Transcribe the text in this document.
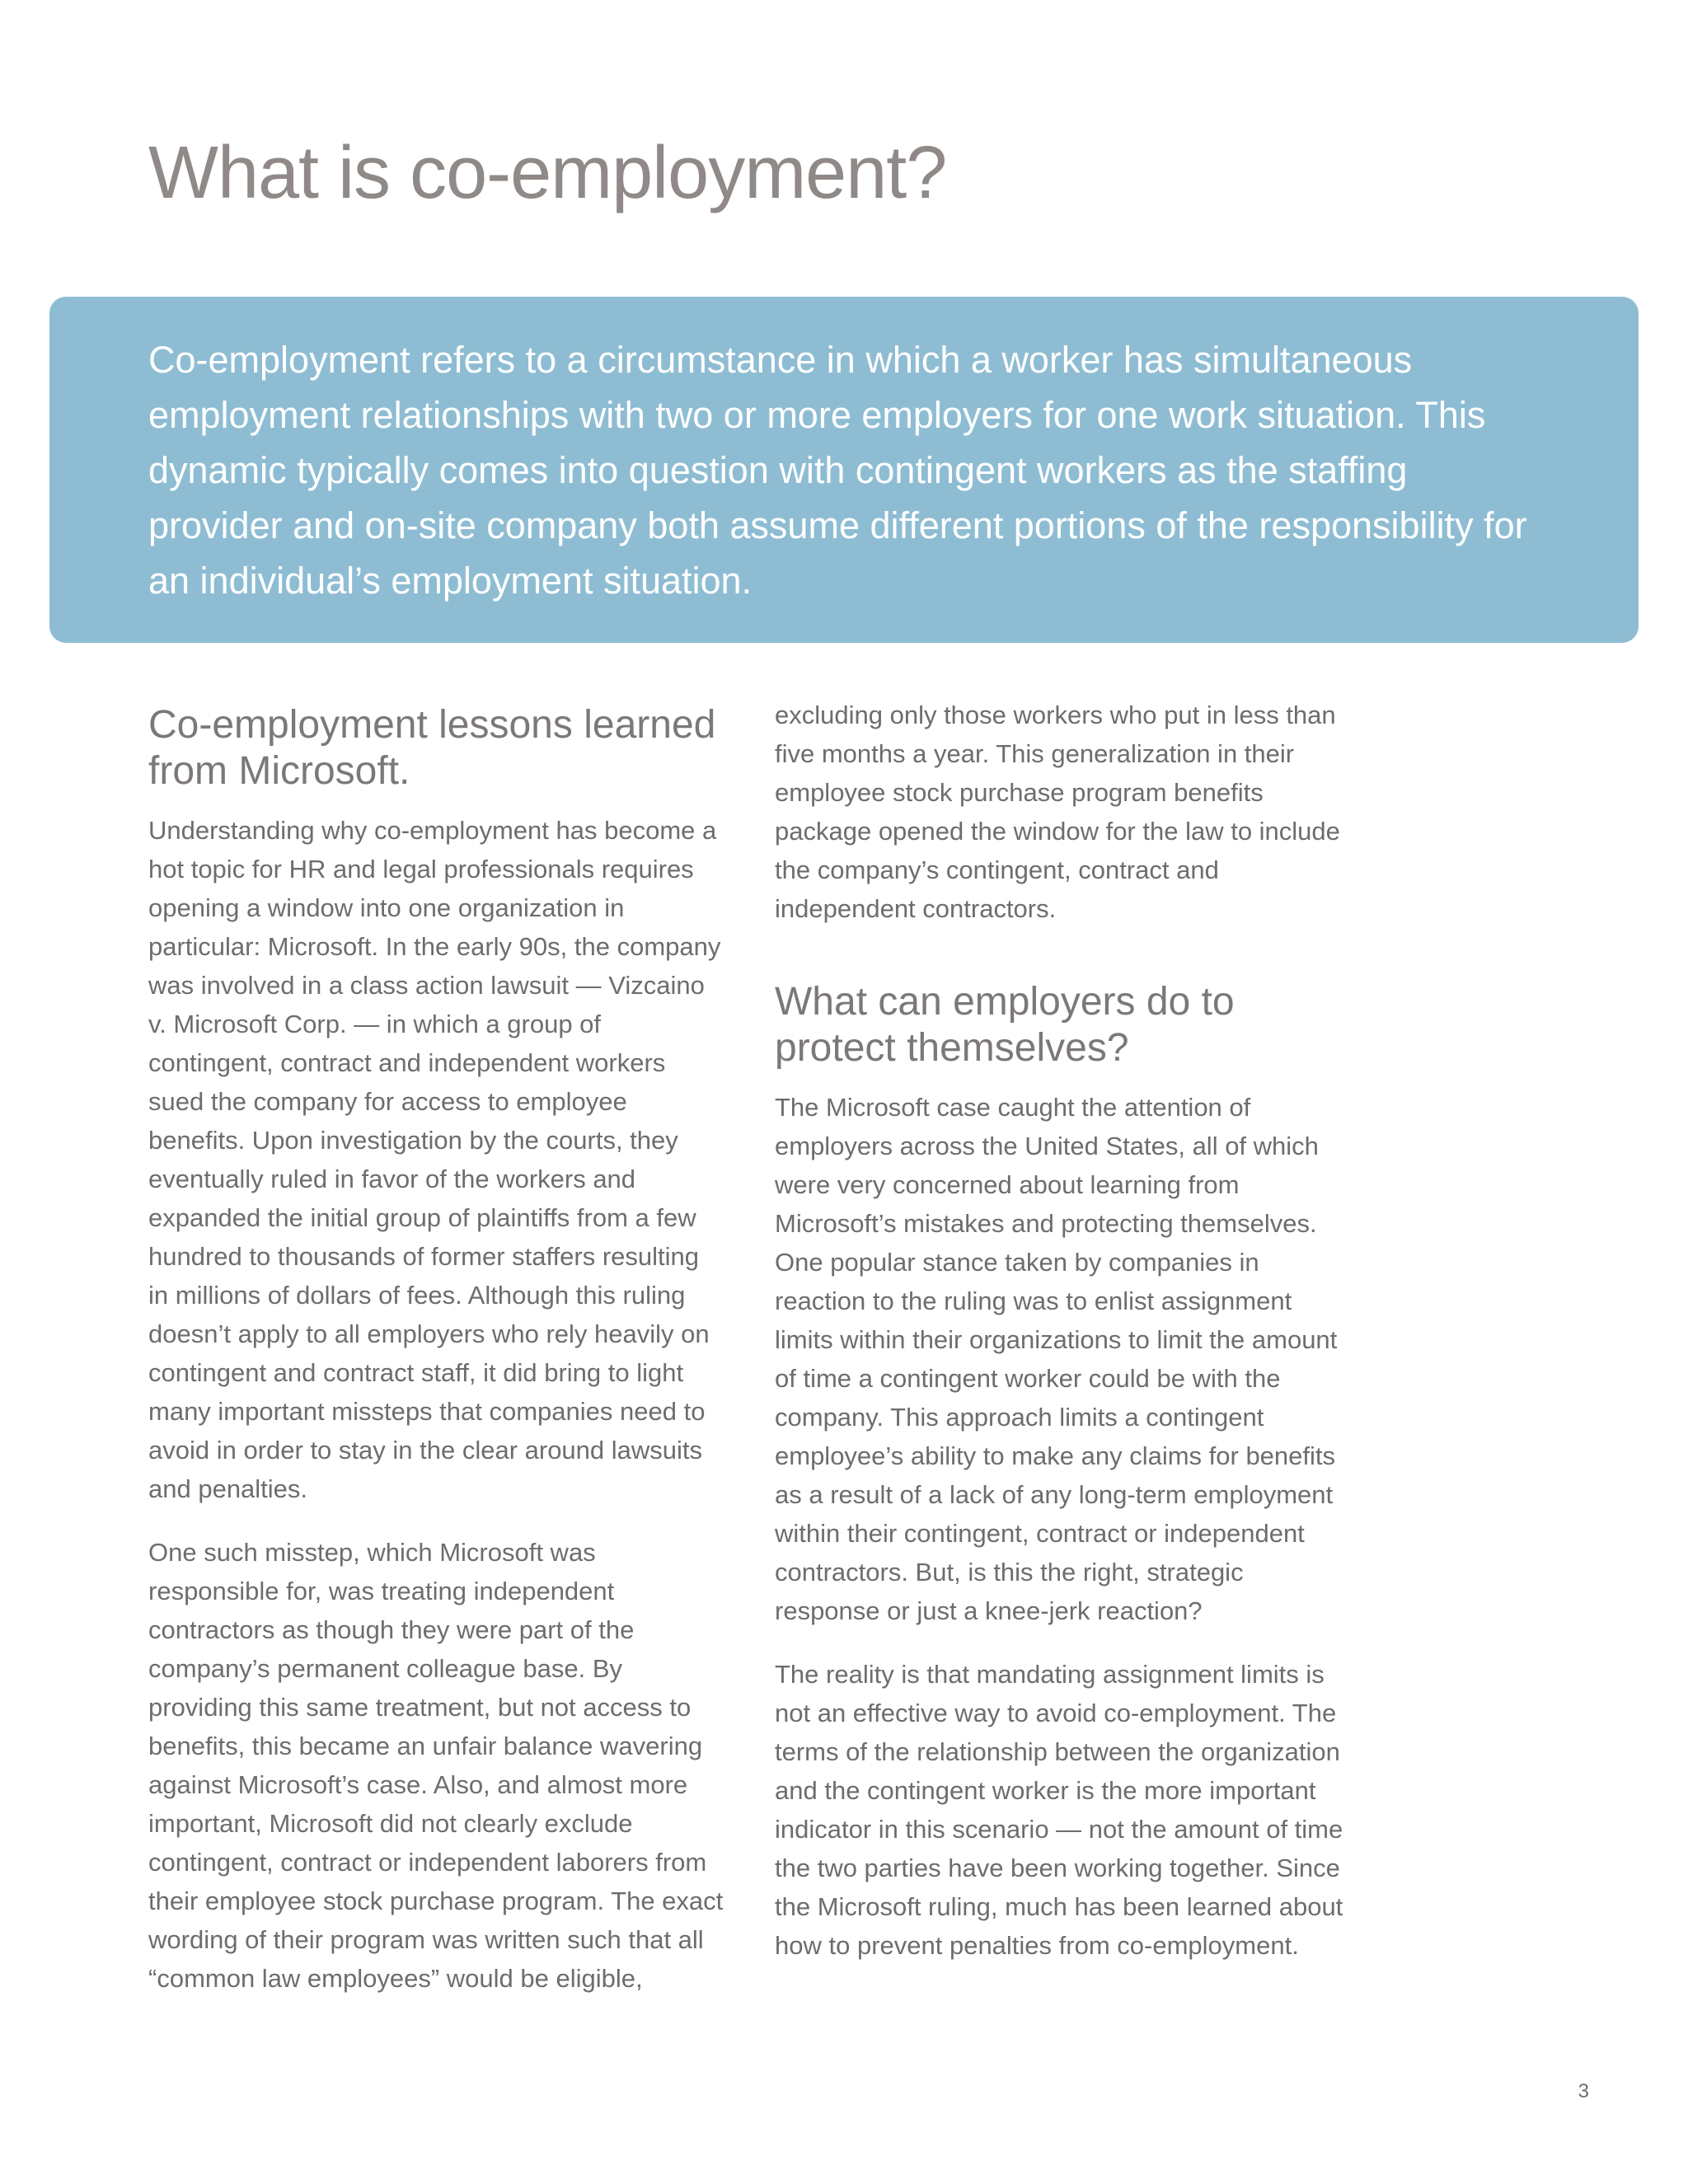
What is co-employment?

Co-employment refers to a circumstance in which a worker has simultaneous employment relationships with two or more employers for one work situation. This dynamic typically comes into question with contingent workers as the staffing provider and on-site company both assume different portions of the responsibility for an individual’s employment situation.

Co-employment lessons learned from Microsoft.

Understanding why co-employment has become a hot topic for HR and legal professionals requires opening a window into one organization in particular: Microsoft. In the early 90s, the company was involved in a class action lawsuit — Vizcaino v. Microsoft Corp. — in which a group of contingent, contract and independent workers sued the company for access to employee benefits. Upon investigation by the courts, they eventually ruled in favor of the workers and expanded the initial group of plaintiffs from a few hundred to thousands of former staffers resulting in millions of dollars of fees. Although this ruling doesn’t apply to all employers who rely heavily on contingent and contract staff, it did bring to light many important missteps that companies need to avoid in order to stay in the clear around lawsuits and penalties.

One such misstep, which Microsoft was responsible for, was treating independent contractors as though they were part of the company’s permanent colleague base. By providing this same treatment, but not access to benefits, this became an unfair balance wavering against Microsoft’s case. Also, and almost more important, Microsoft did not clearly exclude contingent, contract or independent laborers from their employee stock purchase program. The exact wording of their program was written such that all “common law employees” would be eligible,

excluding only those workers who put in less than five months a year. This generalization in their employee stock purchase program benefits package opened the window for the law to include the company’s contingent, contract and independent contractors.

What can employers do to protect themselves?

The Microsoft case caught the attention of employers across the United States, all of which were very concerned about learning from Microsoft’s mistakes and protecting themselves. One popular stance taken by companies in reaction to the ruling was to enlist assignment limits within their organizations to limit the amount of time a contingent worker could be with the company. This approach limits a contingent employee’s ability to make any claims for benefits as a result of a lack of any long-term employment within their contingent, contract or independent contractors. But, is this the right, strategic response or just a knee-jerk reaction?

The reality is that mandating assignment limits is not an effective way to avoid co-employment. The terms of the relationship between the organization and the contingent worker is the more important indicator in this scenario — not the amount of time the two parties have been working together. Since the Microsoft ruling, much has been learned about how to prevent penalties from co-employment.

3
